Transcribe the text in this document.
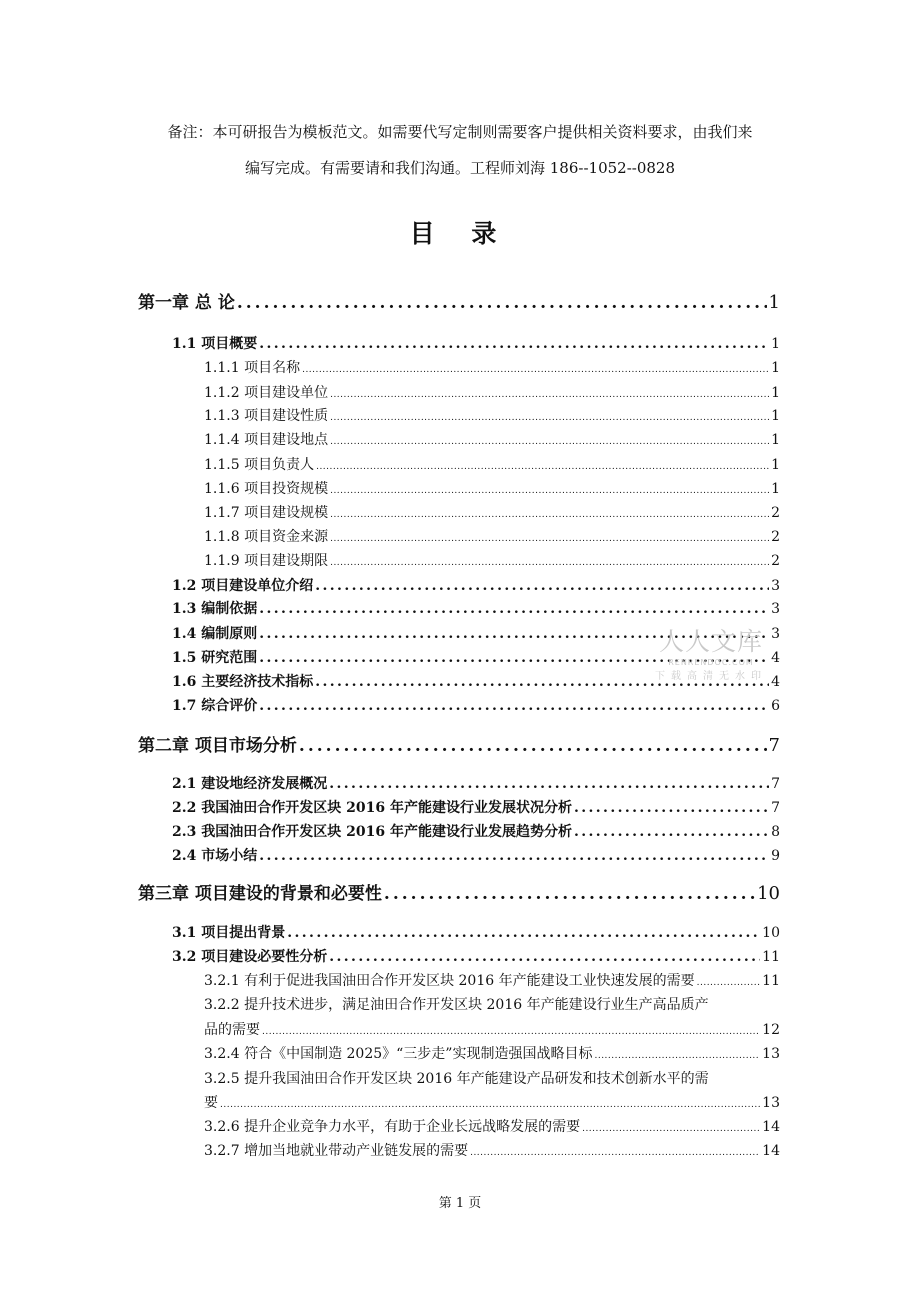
备注：本可研报告为模板范文。如需要代写定制则需要客户提供相关资料要求，由我们来
编写完成。有需要请和我们沟通。工程师刘海 186--1052--0828
目 录
第一章 总 论 .....	1
1.1 项目概要 .....	1
1.1.1 项目名称 .....	1
1.1.2 项目建设单位 .....	1
1.1.3 项目建设性质 .....	1
1.1.4 项目建设地点 .....	1
1.1.5 项目负责人 .....	1
1.1.6 项目投资规模 .....	1
1.1.7 项目建设规模 .....	2
1.1.8 项目资金来源 .....	2
1.1.9 项目建设期限 .....	2
1.2 项目建设单位介绍 .....	3
1.3 编制依据 .....	3
1.4 编制原则 .....	3
1.5 研究范围 .....	4
1.6 主要经济技术指标 .....	4
1.7 综合评价 .....	6
第二章 项目市场分析 .....	7
2.1 建设地经济发展概况 .....	7
2.2 我国油田合作开发区块 2016 年产能建设行业发展状况分析 .....	7
2.3 我国油田合作开发区块 2016 年产能建设行业发展趋势分析 .....	8
2.4 市场小结 .....	9
第三章 项目建设的背景和必要性 .....	10
3.1 项目提出背景 .....	10
3.2 项目建设必要性分析 .....	11
3.2.1 有利于促进我国油田合作开发区块 2016 年产能建设工业快速发展的需要 .....	11
3.2.2 提升技术进步，满足油田合作开发区块 2016 年产能建设行业生产高品质产
品的需要 .....	12
3.2.4 符合《中国制造 2025》“三步走”实现制造强国战略目标 .....	13
3.2.5 提升我国油田合作开发区块 2016 年产能建设产品研发和技术创新水平的需
要 .....	13
3.2.6 提升企业竞争力水平，有助于企业长远战略发展的需要 .....	14
3.2.7 增加当地就业带动产业链发展的需要 .....	14
人人文库
RENRENDOC.COM
下载高清无水印
第 1 页
